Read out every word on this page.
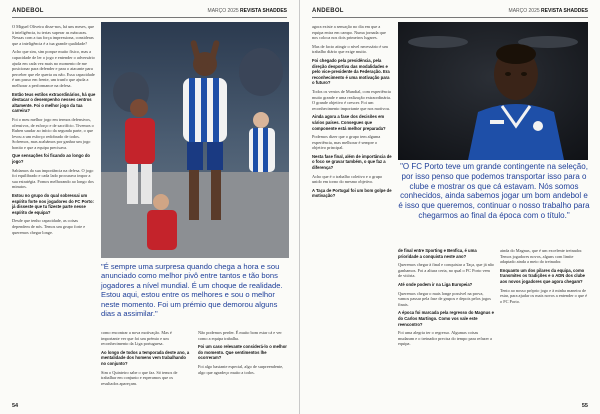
ANDEBOL	MARÇO 2025 REVISTA SHADDES

O Miguel Oliveira disse-nos, há uns meses, que à inteligência, tu terias superar as máscaras. Nessas com a tua força impressiona, consideras que a inteligência é a tua grande qualidade?

Acho que sim, sim porque muito físico, mas a capacidade de ler o jogo e entender o adversário ajuda em cada vez mais no momento de me posicionar para defender e para o atacante para perceber que ele queria ou não. Essa capacidade é um passo em frente, um trunfo que ajuda a melhorar a performance na defesa.

Então teus estilos extraordinários, há que destacar o desempenho nesses centros altamente. Foi o melhor jogo da tua carreira?

Foi o meu melhor jogo em termos defensivos, ofensivos, de esforço e de sacrifício. Tivemos o Ruben saudar ao início da segunda parte, o que levou a um esforço redobrado de todos. Sofremos, mas acabámos por ganhar um jogo bonito e que a equipa precisava.

Que sensações foi ficando ao longo do jogo?

Sabíamos da sua importância na defesa. O jogo foi equilibrado e cada lado procurava impor a sua estratégia. Fomos melhorando ao longo dos minutos.

Estou no grupo do qual sobressai um espírito forte nos jogadores do FC Porto: já disseste que tu fizeste parte nesse espírito de equipa?

Desde que tenho capacidade, as coisas dependem de nós. Temos um grupo forte e queremos chegar longe.

"É sempre uma surpresa quando chega a hora e sou anunciado como melhor pivô entre tantos e tão bons jogadores a nível mundial. É um choque de realidade. Estou aqui, estou entre os melhores e sou o melhor neste momento. Foi um prémio que demorou alguns dias a assimilar."

como encontrar a nova motivação. Mas é importante ver que foi um prémio e um reconhecimento da Liga portuguesa.

Ao longo de todos a temporada deste ano, a mentalidade dos homens vem trabalhando no conjunto?

Sim o Quinteiro sabe o que faz. Só temos de trabalhar em conjunto e esperamos que os resultados apareçam.

Não podemos perder. É muito bom estar cá e ver como a equipa trabalha.

Foi um caso relevante considerá-lo o melhor do momento. Que sentimentos lhe ocorreram?

Foi algo bastante especial, algo de surpreendente, algo que agradeço muito a todos.

54
ANDEBOL	MARÇO 2025 REVISTA SHADDES

agora existe a sensação no dia em que a equipa entra em campo. Numa jornada que nos coloca nos dois primeiros lugares.

Mas de facto atingir o nível necessário é um trabalho diário que exige muito.

Foi chegado pela presidência, pela direção desportiva das modalidades e pelo vice-presidente da Federação. Era reconhecimento é uma motivação para o futuro?

Todos os ventos de Mundial, com experiência muito grande e uma realização extraordinária. O grande objetivo é crescer. Foi um reconhecimento importante que nos motivou.

Ainda agora a fase dos decisões em vários países. Consegues que componente está melhor preparada?

Podemos dizer que o grupo tem alguma experiência, mas melhorar é sempre o objetivo principal.

Nesta fase final, além de importância de o foco se gravar também, o que faz a diferença?

Acho que é o trabalho coletivo e o grupo unido em torno do mesmo objetivo.

A Taça de Portugal foi um bom golpe de motivação?

"O FC Porto teve um grande contingente na seleção, por isso penso que podemos transportar isso para o clube e mostrar os que cá estavam. Nós somos conhecidos, ainda sabemos jogar um bom andebol e é isso que queremos, continuar o nosso trabalho para chegarmos ao final da época com o título."

de final entre Sporting e Benfica, é uma prioridade a conquista neste ano?

Queremos chegar à final e conquistar a Taça, que já não ganhamos. Foi a altura certa, no qual o FC Porto vem de vitória.

Até onde podem ir na Liga Europeia?

Queremos chegar o mais longe possível na prova, vamos passar pela fase de grupos e depois pelos jogos finais.

A época foi marcada pela regresso do Magnus e do Carlos Martingo. Como vos vale este reencontro?

Foi uma alegria ter o regresso. Algumas coisas mudaram e o treinador precisa do tempo para refazer a equipa.

ainda do Magnus, que é um excelente treinador. Temos jogadores novos, alguns com limite adaptado ainda a meio do treinador.

Enquanto um dos pilares da equipa, como transmites os tradições e o ADN dos clube aos novos jogadores que agora chegam?

Tento ao nosso próprio jogo e à minha maneira de estar, para ajudar os mais novos a entender o que é o FC Porto.

55
